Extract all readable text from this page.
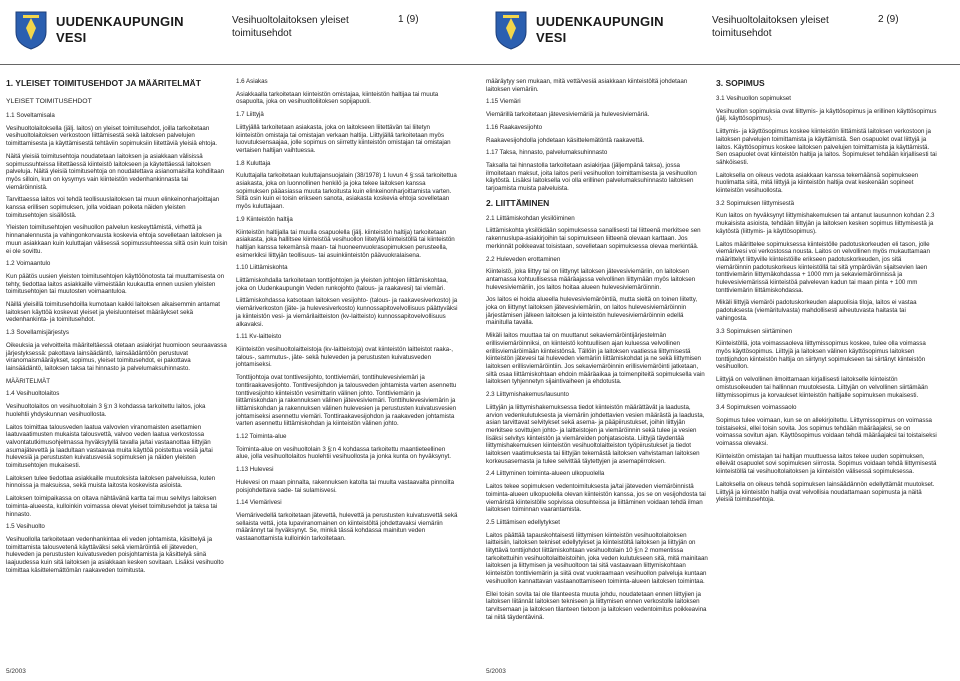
UUDENKAUPUNGIN
VESI
Vesihuoltolaitoksen yleiset
toimitusehdot
1 (9)
1. YLEISET TOIMITUSEHDOT JA MÄÄRITELMÄT
YLEISET TOIMITUSEHDOT

1.1 Soveltamisala

Vesihuoltolaitoksella (jälj. laitos) on yleiset toimitusehdot, joilla tarkoitetaan vesihuoltolaitoksen verkostoon liittämisestä sekä laitoksen palvelujen toimittamisesta ja käyttämisestä tehtäviin sopimuksiin liitettäviä yleisiä ehtoja.

Näitä yleisiä toimitusehtoja noudatetaan laitoksen ja asiakkaan välisissä sopimussuhteissa liitettäessä kiinteistö laitokseen ja käytettäessä laitoksen palveluja. Näitä yleisiä toimitusehtoja on noudatettava asianomaisilta kohdiltaan myös silloin, kun on kysymys vain kiinteistön vedenhankinnasta tai viemäröinnistä.

Tarvittaessa laitos voi tehdä teollisuuslaitoksen tai muun elinkeinonharjoittajan kanssa erillisen sopimuksen, jolla voidaan poiketa näiden yleisten toimitusehtojen sisällöstä.

Yleisten toimitusehtojen vesihuollon palvelun keskeyttämistä, virhettä ja hinnanalennusta ja vahingonkorvausta koskevia ehtoja sovelletaan laitoksen ja muun asiakkaan kuin kuluttajan välisessä sopimussuhteessa siltä osin kuin toisin ei ole sovittu.

1.2 Voimaantulo

Kun päätös uusien yleisten toimitusehtojen käyttöönotosta tai muuttamisesta on tehty, tiedottaa laitos asiakkaille viimeistään kuukautta ennen uusien yleisten toimitusehtojen tai muutosten voimaantuloa.

Näillä yleisillä toimitusehdoilla kumotaan kaikki laitoksen aikaisemmin antamat laitoksen käyttöä koskevat yleiset ja yleisluonteiset määräykset sekä vedenhankinta- ja toimitusehdot.

1.3 Sovellamisjärjestys

Oikeuksia ja velvoitteita määriteltäessä otetaan asiakirjat huomioon seuraavassa järjestyksessä: pakottava lainsäädäntö, lainsäädäntöön perustuvat viranomaismääräykset, sopimus, yleiset toimitusehdot, ei pakottava lainsäädäntö, laitoksen taksa tai hinnasto ja palvelumaksuhinnasto.

MÄÄRITELMÄT

1.4 Vesihuoltolaitos

Vesihuoltolaitos on vesihuoltolain 3 §:n 3 kohdassa tarkoitettu laitos, joka huolehtii yhdyskunnan vesihuollosta.

Laitos toimittaa talousveden laatua valvovien viranomaisten asettamien laatuvaatimusten mukaista talousvettä, valvoo veden laatua verkostossa valvontatutkimusohjelmassa hyväksytyllä tavalla ja/tai vastaanottaa liittyjän asumajätevettä ja laadultaan vastaavaa muita käyttöä poistettua vesiä ja/tai hulevesiä ja perustusten kuivatusvesiä sopimuksen ja näiden yleisten toimitusehtojen mukaisesti.

Laitoksen tulee tiedottaa asiakkaille muutoksista laitoksen palveluissa, kuten hinnoissa ja maksuissa, sekä muista laitosta koskevista asioista.

Laitoksen toimipaikassa on oltava nähtävänä kartta tai muu selvitys laitoksen toiminta-alueesta, kulloinkin voimassa olevat yleiset toimitusehdot ja taksa tai hinnasto.

1.5 Vesihuolto

Vesihuollolla tarkoitetaan vedenhankintaa eli veden johtamista, käsittelyä ja toimittamista talousvetenä käyttäväksi sekä viemäröintiä eli jäteveden, huleveden ja perustusten kuivatusveden poisjohtamista ja käsittelyä siinä laajuudessa kuin sitä laitoksen ja asiakkaan kesken sovitaan. Lisäksi vesihuolto toimittaa käsittelemättömän raakaveden toimitusta.

1.6 Asiakas

Asiakkaalla tarkoitetaan kiinteistön omistajaa, kiinteistön haltijaa tai muuta osapuolta, joka on vesihuoltoliitoksen sopijapuoli.

1.7 Liittyjä

Liittyjällä tarkoitetaan asiakasta, joka on laitokseen liitettävän tai liitetyn kiinteistön omistaja tai omistajan verkaan haltija. Liittyjällä tarkoitetaan myös luovutuksensaajaa, jolle sopimus on siirretty kiinteistön omistajan tai omistajan vertaisen haltijan vaihtuessa.

1.8 Kuluttaja

Kuluttajalla tarkoitetaan kuluttajansuojalain (38/1978) 1 luvun 4 §:ssä tarkoitettua asiakasta, joka on luonnollinen henkilö ja joka tekee laitoksen kanssa sopimuksen pääasiassa muuta tarkoitusta kuin elinkeinonharjoittamista varten. Siltä osin kuin ei toisin erikseen sanota, asiakasta koskevia ehtoja sovelletaan myös kuluttajaan.

1.9 Kiinteistön haltija

Kiinteistön haltijalla tai muulla osapuolella (jälj. kiinteistön haltija) tarkoitetaan asiakasta, joka hallitsee kiinteistöä vesihuollon liitetyllä kiinteistöllä tai kiinteistön haltijan kanssa tekemänsä maan- tai huoneenvuokrasopimuksen perusteella, esimerkiksi liittyjän teollisuus- tai asuinkiinteistön päävuokralaisena.

1.10 Liittämiskohta

Liittämiskohdalla tarkoitetaan tonttijohtojen ja yleisten johtojen liittämiskohtaa, joka on Uudenkaupungin Veden runkojohto (talous- ja raakavesi) tai viemäri.

Liittämiskohdassa katsotaan laitoksen vesijohto- (talous- ja raakavesiverkosto) ja viemäriverkoston (jäte- ja hulevesiverkosto) kunnossapitovelvollisuus päättyväksi ja kiinteistön vesi- ja viemärilaitteiston (kv-laitteisto) kunnossapitovelvollisuus alkavaksi.

1.11 Kv-laitteisto

Kiinteistön vesihuoltolaitteistoja (kv-laitteistoja) ovat kiinteistön laitteistot raaka-, talous-, sammutus-, jäte- sekä huleveden ja perustusten kuivatusveden johtamiseksi.

Tonttijohtoja ovat tonttivesijohto, tonttiviemäri, tonttihulevesiviemäri ja tonttiraakavesijohto. Tonttivesijohdon ja talousveden johtamista varten asennettu tonttivesijohto kiinteistön vesimittarin välinen johto. Tonttiviemärin ja liittämiskohdan ja rakennuksen välinen jätevesiviemäri. Tonttihulevesiviemärin ja liittämiskohdan ja rakennuksen välinen hulevesien ja perustusten kuivatusvesien johtamiseksi asennettu viemäri. Tonttiraakavesijohdon ja raakaveden johtamista varten asennettu liittämiskohdan ja kiinteistön välinen johto.

1.12 Toiminta-alue

Toiminta-alue on vesihuoltolain 3 §:n 4 kohdassa tarkoitettu maantieteellinen alue, jolla vesihuoltolaitos huolehtii vesihuollosta ja jonka kunta on hyväksynyt.

1.13 Hulevesi

Hulevesi on maan pinnalta, rakennuksen katolta tai muulta vastaavalta pinnoilta poisjohdettava sade- tai sulamisvesi.

1.14 Viemärivesi

Viemärivedellä tarkoitetaan jätevettä, hulevettä ja perustusten kuivatusvettä sekä sellaista vettä, jota lupaviranomainen on kiinteistöltä johdettavaksi viemäriin määrännyt tai hyväksynyt. Se, minkä tässä kohdassa mainitun veden vastaanottamista kulloinkin tarkoitetaan.

5/2003
UUDENKAUPUNGIN
VESI
Vesihuoltolaitoksen yleiset
toimitusehdot
2 (9)

määräytyy sen mukaan, mitä vettä/vesiä asiakkaan kiinteistöltä johdetaan laitoksen viemäriin.

1.15 Viemäri

Viemärillä tarkoitetaan jätevesiviemäriä ja hulevesiviemäriä.

1.16 Raakavesijohto

Raakavesijohdolla johdetaan käsittelemätöntä raakavettä.

1.17 Taksa, hinnasto, palvelumaksuhinnasto

Taksalla tai hinnastolla tarkoitetaan asiakirjaa (jäljempänä taksa), jossa ilmoitetaan maksut, joita laitos perii vesihuollon toimittamisesta ja vesihuollon käytöstä. Lisäksi laitoksella voi olla erillinen palvelumaksuhinnasto laitoksen tarjoamista muista palveluista.

2. LIITTÄMINEN

2.1 Liittämiskohdan yksilöiminen

Liittämiskohta yksilöidään sopimuksessa sanallisesti tai liitteenä merkitsee sen rakennuslupa-asiakirjoihin tai sopimukseen liitteenä olevaan karttaan. Jos merkinnät poikkeavat toisistaan, sovelletaan sopimuksessa olevaa merkintää.

2.2 Huleveden erottaminen

Kiinteistö, joka liittyy tai on liittynyt laitoksen jätevesiviemäriin, on laitoksen antamassa kohtuullisessa määräajassa velvollinen liittymään myös laitoksen hulevesiviemäriin, jos laitos hoitaa alueen hulevesiviemäröinnin.

Jos laitos ei hoida alueella hulevesiviemäröintiä, muttа sieltä on toinen liitetty, joka on liittynyt laitoksen jätevesiviemäriin, on laitos hulevesiviemäröinnin järjestämisen jälkeen laitoksen ja kiinteistön hulevesiviemäröinnin edellä mainitulla tavalla.

Mikäli laitos muuttaa tai on muuttanut sekaviemäröintijärjestelmän erillisviemäröinniksi, on kiinteistö kohtuullisen ajan kuluessa velvollinen erillisviemäröimään kiinteistönsä. Tällöin ja laitoksen vaatiessa liittymisestä kiinteistön jätevesi tai huleveden viemäriin liittämiskohdat ja ne sekä liittymisen laitoksen erillisviemäröintiin. Jos sekaviemäröinnin erillisviemäröinti jatketaan, siltä osaa liittämiskohtaan ehdoin määräaikaa ja toimenpiteitä sopimuksella vain laitoksen tyhjennetyn sijaintivaiheen ja ehdotusta.

2.3 Liittymishakemus/lausunto

Liittyjän ja liittymishakemuksessa tiedot kiinteistön määrättävät ja laadusta, arvion vedenkulutuksesta ja viemäriin johdettavien vesien määrästä ja laadusta, asian tarvittavat selvitykset sekä asema- ja pääpiirustukset, joihin liittyjän merkitsee sovittujen johto- ja laitteistojen ja viemäröinnin sekä tulee ja vesien lisäksi selvitys kiinteistön ja viemäreiden pohjatasoista. Liittyjä täydentää liittymishakemuksen kiinteistön vesihuoltolaitteiston työpiirustukset ja tiedot laitoksen vaatimuksesta tai liittyjän tekemästä laitoksen vahvistaman laitoksen korkeusasemasta ja tulee selvittää täytettyjen ja asemapiirroksen.

2.4 Liittyminen toiminta-alueen ulkopuolella

Laitos tekee sopimuksen vedentoimituksesta ja/tai jäteveden viemäröinnistä toiminta-alueen ulkopuolella olevan kiinteistön kanssa, jos se on vesijohdosta tai viemäristä kiinteistölle sopivissa olosuhteissa ja liittäminen voidaan tehdä ilman laitoksen toiminnan vaarantamista.

2.5 Liittämisen edellytykset

Laitos päättää tapauskohtaisesti liittymisen kiinteistön vesihuoltolaitoksen laitteisiin, laitoksen tekniset edellytykset ja kiinteistöltä laitoksen ja liittyjän on liityttävä tonttijohdot liittämiskohtaan vesihuoltolain 10 §:n 2 momentissa tarkoitettuihin vesihuoltolaitteistoihin, joka veden kulutukseen sitä, mitä mainitaan laitoksen ja liittymisen ja vesihuoltoon tai sitä vastaavaan liittymiskohtaan kiinteistön tonttiviemärin ja siitä ovat vuokraamaan vesihuollon palveluja kuntaan vesihuollon kannattavan vastaanottamiseen toiminta-alueen laitoksen toimintaa.

Ellei toisin sovita tai ole tilanteesta muuta johdu, noudatetaan ennen liittyjien ja laitoksen liitännät laitoksen tekniseen ja liittymisen ennen verkostolle laitoksen tarvitsemaan ja laitoksen tilanteen tietoon ja laitoksen vedentoimitus poikkeavina tai niitä täydentävinä.

3. SOPIMUS

3.1 Vesihuollon sopimukset

Vesihuollon sopimuksia ovat liittymis- ja käyttösopimus ja erillinen käyttösopimus (jälj. käyttösopimus).

Liittymis- ja käyttösopimus koskee kiinteistön liittämistä laitoksen verkostoon ja laitoksen palvelujen toimittamista ja käyttämistä. Sen osapuolet ovat liittyjä ja laitos. Käyttösopimus koskee laitoksen palvelujen toimittamista ja käyttämistä. Sen osapuolet ovat kiinteistön haltija ja laitos. Sopimukset tehdään kirjallisesti tai sähköisesti.

Laitoksella on oikeus vedota asiakkaan kanssa tekemäänsä sopimukseen huolimatta siitä, mitä liittyjä ja kiinteistön haltija ovat keskenään sopineet kiinteistön vesihuollosta.

3.2 Sopimuksen liittymisestä

Kun laitos on hyväksynyt liittymishakemuksen tai antanut lausunnon kohdan 2.3 mukaisista asioista, tehdään liittyjän ja laitoksen kesken sopimus liittymisestä ja käytöstä (liittymis- ja käyttösopimus).

Laitos määrittelee sopimuksessa kiinteistölle padotuskorkeuden eli tason, jolle viemärivesi voi verkostossa nousta. Laitos on velvollinen myös mukauttamaan määrittelyt liittyville kiinteistöille erikseen padotuskorkeuden, jos sitä viemäröinnin padotuskorkeus kiinteistöllä tai sitä ympäröivän sijaitsevien laen tonttiviemärin liittymäkohdassa + 1000 mm ja sekaviemäröinnissä ja hulevesiviemärissä kiinteistöä palvelevan kadun tai maan pinta + 100 mm tonttiviemärin liittämiskohdassa.

Mikäli liittyjä viemäröi padotuskorkeuden alapuolisia tiloja, laitos ei vastaa padotuksesta (viemäritulvasta) mahdollisesti aiheutuvasta haitasta tai vahingosta.

3.3 Sopimuksen siirtäminen

Kiinteistöllä, jota voimassaoleva liittymissopimus koskee, tulee olla voimassa myös käyttösopimus. Liittyjä ja laitoksen välinen käyttösopimus laitoksen tonttijohdon kiinteistön haltija on siirtynyt sopimukseen tai siirtänyt kiinteistön vesihuollon.

Liittyjä on velvollinen ilmoittamaan kirjallisesti laitokselle kiinteistön omistusoikeuden tai hallinnan muutoksesta. Liittyjän on velvollinen siirtämään liittymissopimus ja korvaukset kiinteistön haltijalle sopimuksen mukaisesti.

3.4 Sopimuksen voimassaolo

Sopimus tulee voimaan, kun se on allekirjoitettu. Liittymissopimus on voimassa toistaiseksi, ellei toisin sovita. Jos sopimus tehdään määräajaksi, se on voimassa sovitun ajan. Käyttösopimus voidaan tehdä määräajaksi tai toistaiseksi voimassa olevaksi.

Kiinteistön omistajan tai haltijan muuttuessa laitos tekee uuden sopimuksen, elleivät osapuolet sovi sopimuksen siirrosta. Sopimus voidaan tehdä liittymisestä kiinteistöllä tai vesihuoltolaitoksen ja kiinteistön välisessä sopimuksessa.

Laitoksella on oikeus tehdä sopimuksen lainsäädännön edellyttämät muutokset. Liittyjä ja kiinteistön haltija ovat velvollisia noudattamaan sopimusta ja näitä yleisiä toimitusehtoja.

5/2003
